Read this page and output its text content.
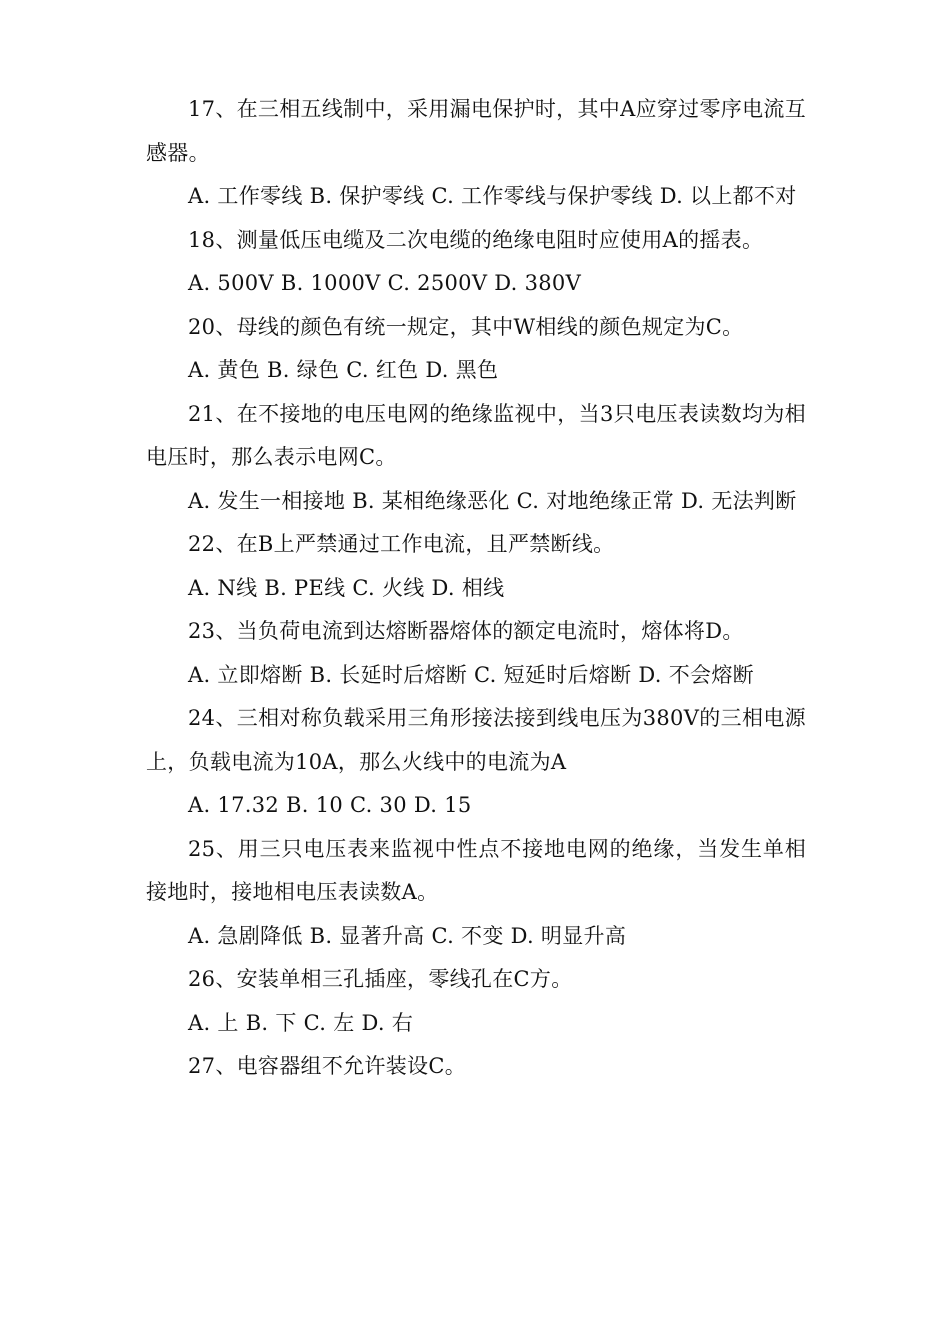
17、在三相五线制中，采用漏电保护时，其中A应穿过零序电流互感器。

A. 工作零线 B. 保护零线 C. 工作零线与保护零线 D. 以上都不对

18、测量低压电缆及二次电缆的绝缘电阻时应使用A的摇表。

A. 500V B. 1000V C. 2500V D. 380V

20、母线的颜色有统一规定，其中W相线的颜色规定为C。

A. 黄色 B. 绿色 C. 红色 D. 黑色

21、在不接地的电压电网的绝缘监视中，当3只电压表读数均为相电压时，那么表示电网C。

A. 发生一相接地 B. 某相绝缘恶化 C. 对地绝缘正常 D. 无法判断

22、在B上严禁通过工作电流，且严禁断线。

A. N线 B. PE线 C. 火线 D. 相线

23、当负荷电流到达熔断器熔体的额定电流时，熔体将D。

A. 立即熔断 B. 长延时后熔断 C. 短延时后熔断 D. 不会熔断

24、三相对称负载采用三角形接法接到线电压为380V的三相电源上，负载电流为10A，那么火线中的电流为A

A. 17.32 B. 10 C. 30 D. 15

25、用三只电压表来监视中性点不接地电网的绝缘，当发生单相接地时，接地相电压表读数A。

A. 急剧降低 B. 显著升高 C. 不变 D. 明显升高

26、安装单相三孔插座，零线孔在C方。

A. 上 B. 下 C. 左 D. 右

27、电容器组不允许装设C。
